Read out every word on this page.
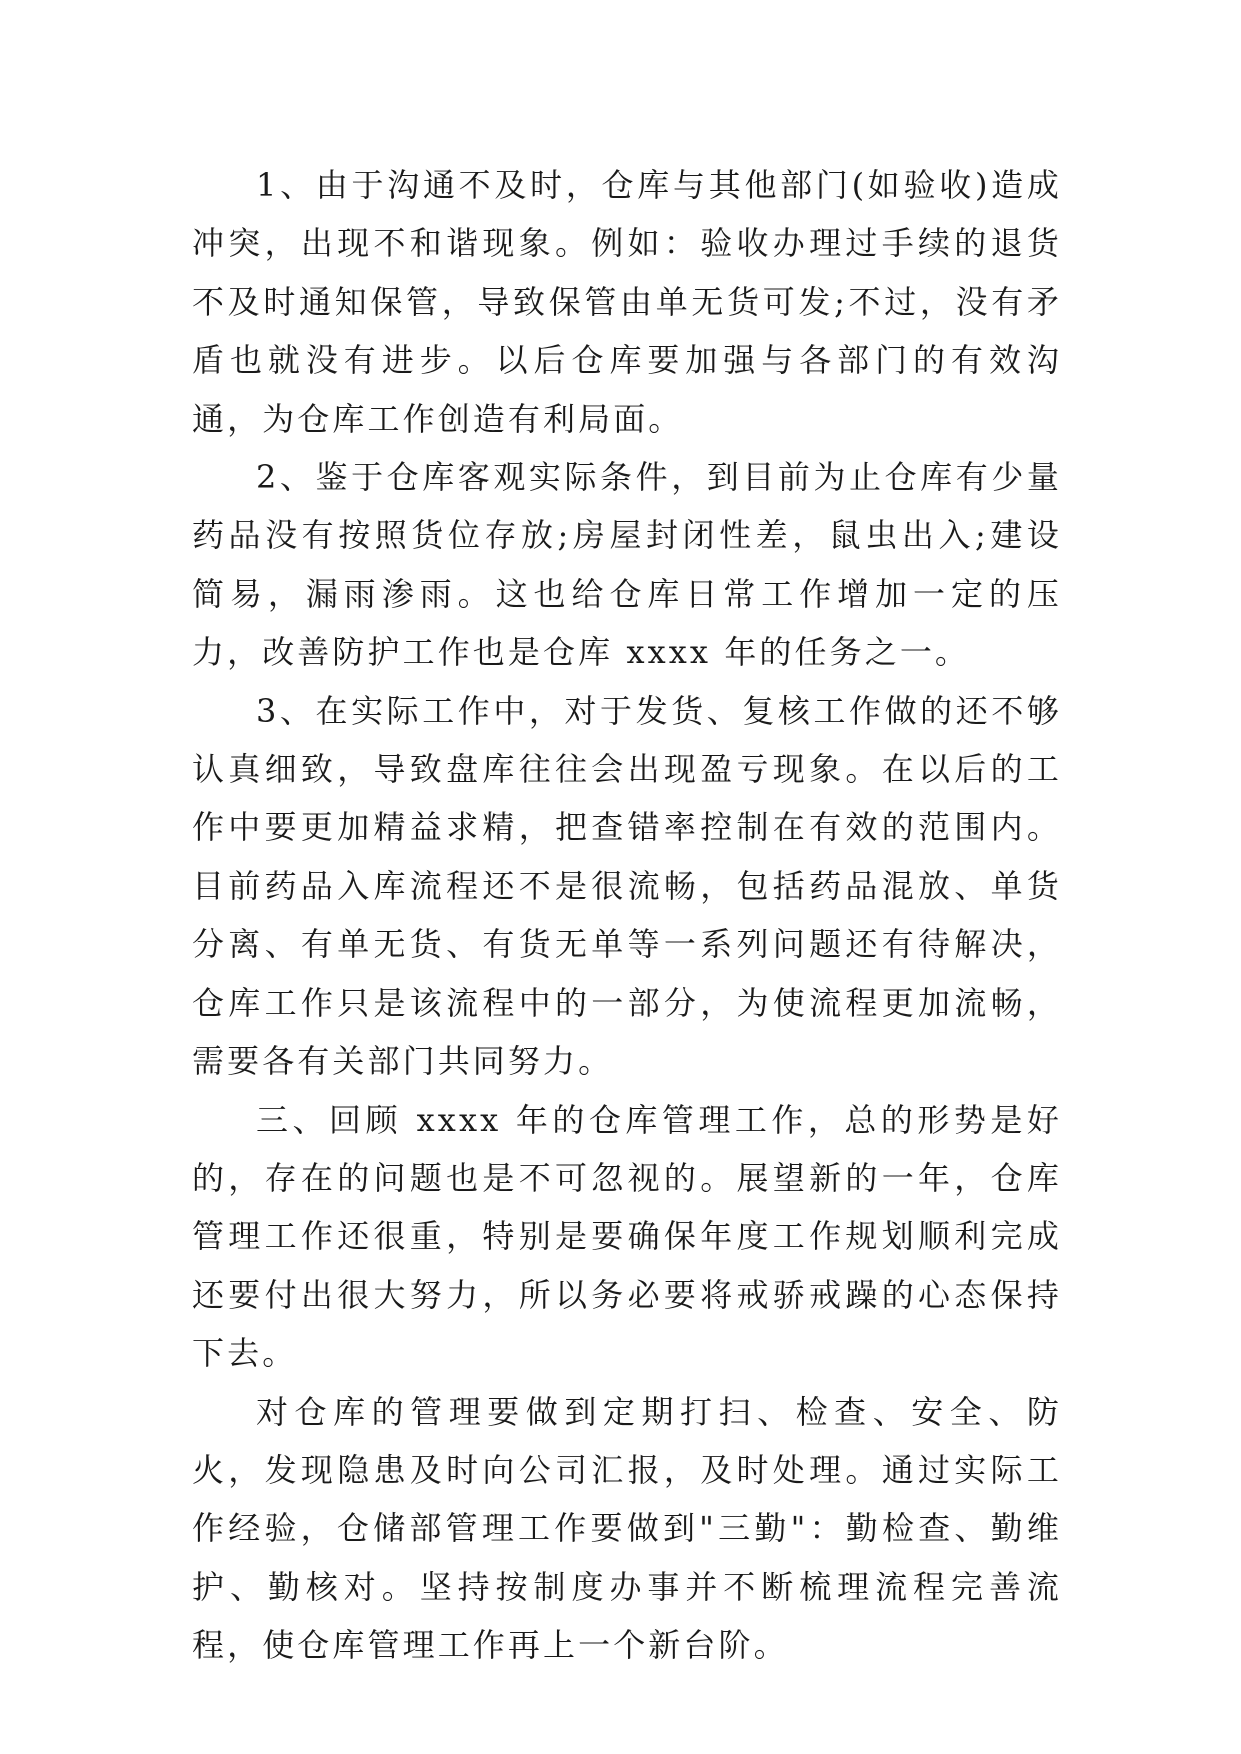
1、由于沟通不及时，仓库与其他部门(如验收)造成冲突，出现不和谐现象。例如：验收办理过手续的退货不及时通知保管，导致保管由单无货可发;不过，没有矛盾也就没有进步。以后仓库要加强与各部门的有效沟通，为仓库工作创造有利局面。

2、鉴于仓库客观实际条件，到目前为止仓库有少量药品没有按照货位存放;房屋封闭性差，鼠虫出入;建设简易，漏雨渗雨。这也给仓库日常工作增加一定的压力，改善防护工作也是仓库 xxxx 年的任务之一。

3、在实际工作中，对于发货、复核工作做的还不够认真细致，导致盘库往往会出现盈亏现象。在以后的工作中要更加精益求精，把查错率控制在有效的范围内。目前药品入库流程还不是很流畅，包括药品混放、单货分离、有单无货、有货无单等一系列问题还有待解决，仓库工作只是该流程中的一部分，为使流程更加流畅，需要各有关部门共同努力。

三、回顾 xxxx 年的仓库管理工作，总的形势是好的，存在的问题也是不可忽视的。展望新的一年，仓库管理工作还很重，特别是要确保年度工作规划顺利完成还要付出很大努力，所以务必要将戒骄戒躁的心态保持下去。

对仓库的管理要做到定期打扫、检查、安全、防火，发现隐患及时向公司汇报，及时处理。通过实际工作经验，仓储部管理工作要做到"三勤"：勤检查、勤维护、勤核对。坚持按制度办事并不断梳理流程完善流程，使仓库管理工作再上一个新台阶。
